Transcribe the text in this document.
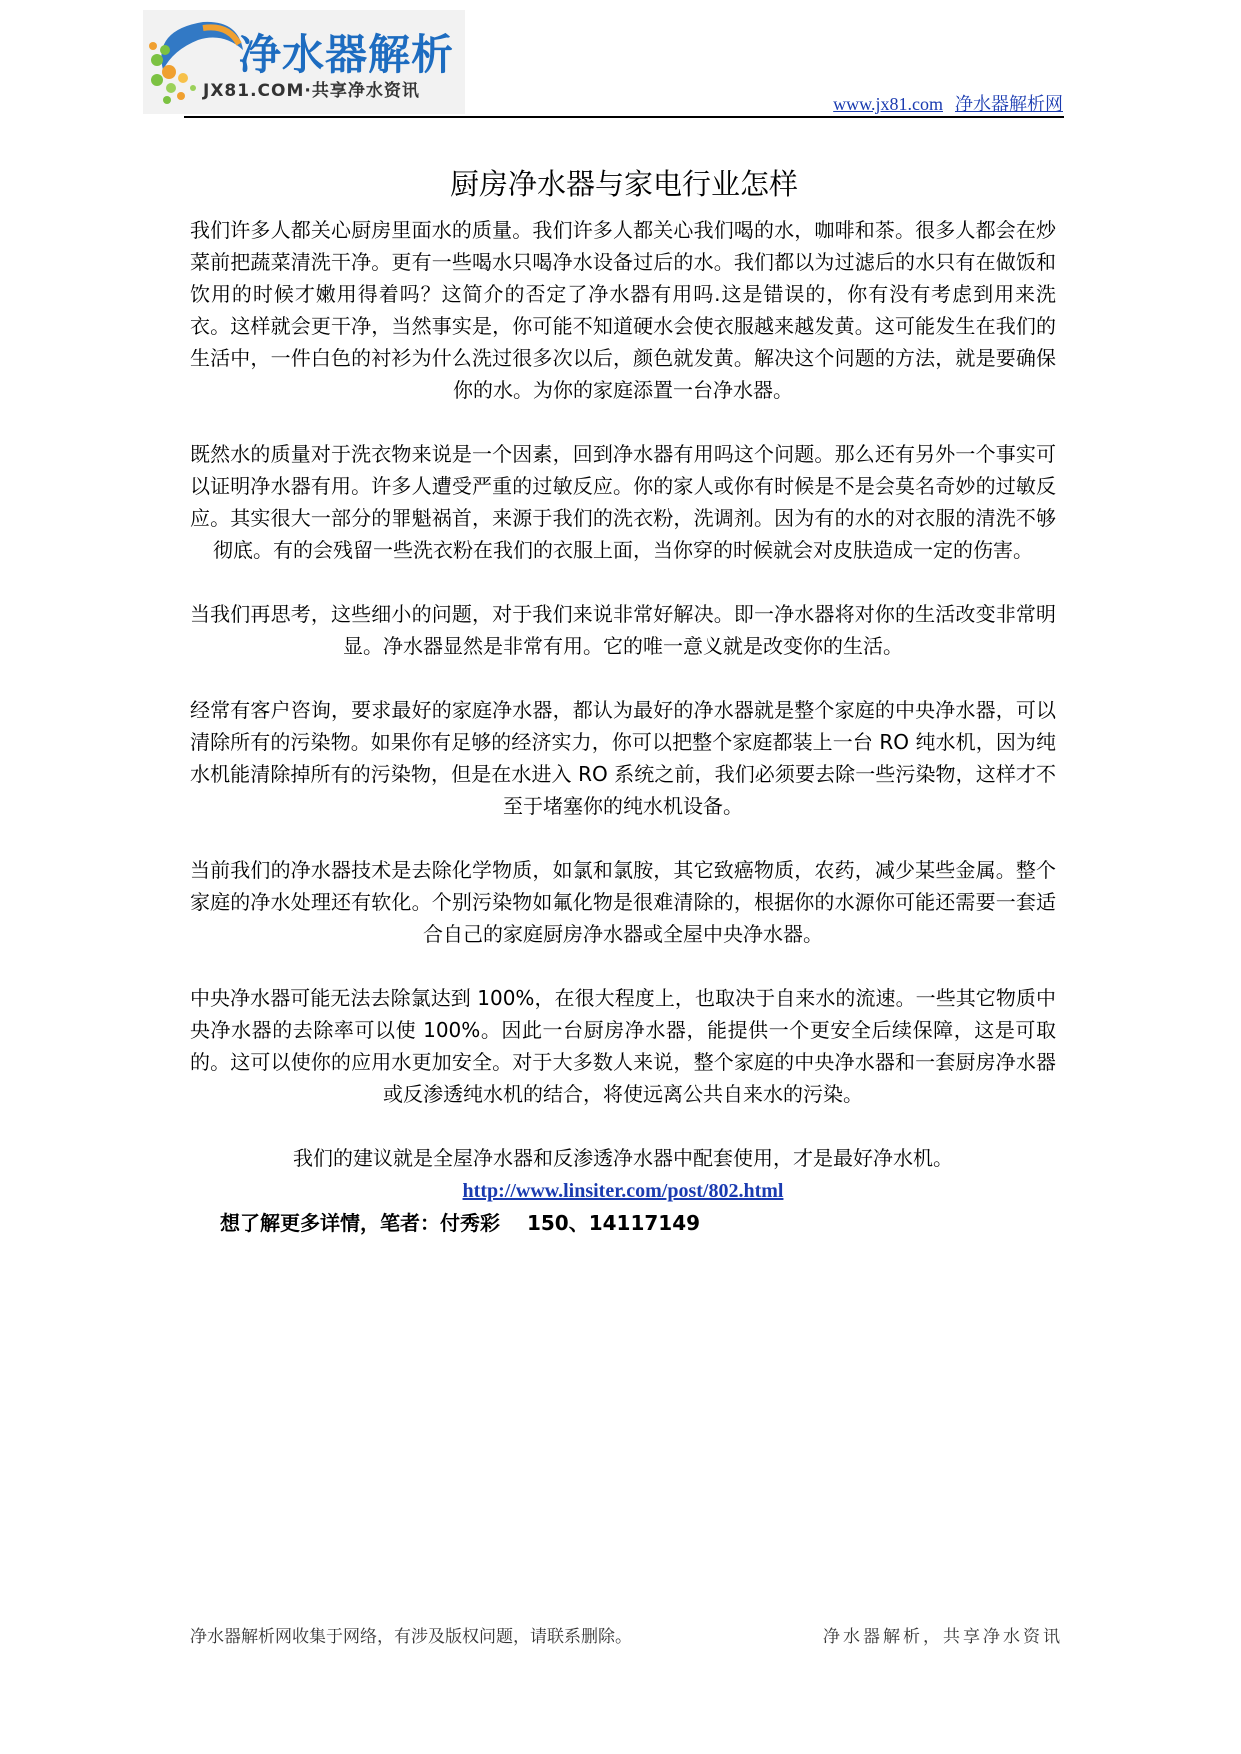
净水器解析
JX81.COM·共享净水资讯
www.jx81.com 净水器解析网
厨房净水器与家电行业怎样

我们许多人都关心厨房里面水的质量。我们许多人都关心我们喝的水，咖啡和茶。很多人都会在炒菜前把蔬菜清洗干净。更有一些喝水只喝净水设备过后的水。我们都以为过滤后的水只有在做饭和饮用的时候才嫩用得着吗？这简介的否定了净水器有用吗.这是错误的，你有没有考虑到用来洗衣。这样就会更干净，当然事实是，你可能不知道硬水会使衣服越来越发黄。这可能发生在我们的生活中，一件白色的衬衫为什么洗过很多次以后，颜色就发黄。解决这个问题的方法，就是要确保你的水。为你的家庭添置一台净水器。

既然水的质量对于洗衣物来说是一个因素，回到净水器有用吗这个问题。那么还有另外一个事实可以证明净水器有用。许多人遭受严重的过敏反应。你的家人或你有时候是不是会莫名奇妙的过敏反应。其实很大一部分的罪魁祸首，来源于我们的洗衣粉，洗调剂。因为有的水的对衣服的清洗不够彻底。有的会残留一些洗衣粉在我们的衣服上面，当你穿的时候就会对皮肤造成一定的伤害。

当我们再思考，这些细小的问题，对于我们来说非常好解决。即一净水器将对你的生活改变非常明显。净水器显然是非常有用。它的唯一意义就是改变你的生活。

经常有客户咨询，要求最好的家庭净水器，都认为最好的净水器就是整个家庭的中央净水器，可以清除所有的污染物。如果你有足够的经济实力，你可以把整个家庭都装上一台 RO 纯水机，因为纯水机能清除掉所有的污染物，但是在水进入 RO 系统之前，我们必须要去除一些污染物，这样才不至于堵塞你的纯水机设备。

当前我们的净水器技术是去除化学物质，如氯和氯胺，其它致癌物质，农药，减少某些金属。整个家庭的净水处理还有软化。个别污染物如氟化物是很难清除的，根据你的水源你可能还需要一套适合自己的家庭厨房净水器或全屋中央净水器。

中央净水器可能无法去除氯达到 100%，在很大程度上，也取决于自来水的流速。一些其它物质中央净水器的去除率可以使 100%。因此一台厨房净水器，能提供一个更安全后续保障，这是可取的。这可以使你的应用水更加安全。对于大多数人来说，整个家庭的中央净水器和一套厨房净水器或反渗透纯水机的结合，将使远离公共自来水的污染。

我们的建议就是全屋净水器和反渗透净水器中配套使用，才是最好净水机。

http://www.linsiter.com/post/802.html

想了解更多详情，笔者：付秀彩　 150、14117149

净水器解析网收集于网络，有涉及版权问题，请联系删除。	净水器解析，共享净水资讯
